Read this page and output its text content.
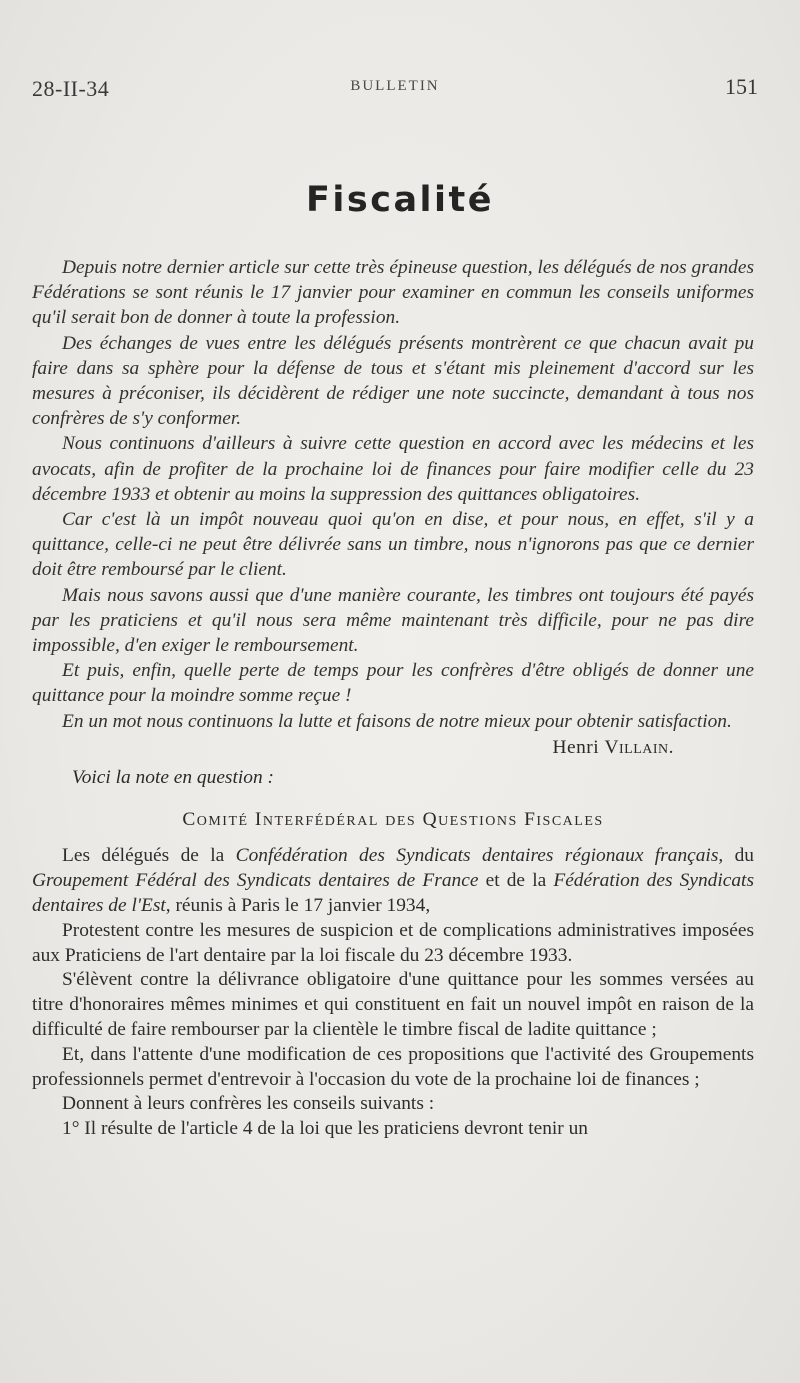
28-II-34	BULLETIN	151
Fiscalité

Depuis notre dernier article sur cette très épineuse question, les délégués de nos grandes Fédérations se sont réunis le 17 janvier pour examiner en commun les conseils uniformes qu'il serait bon de donner à toute la profession.

Des échanges de vues entre les délégués présents montrèrent ce que chacun avait pu faire dans sa sphère pour la défense de tous et s'étant mis pleinement d'accord sur les mesures à préconiser, ils décidèrent de rédiger une note succincte, demandant à tous nos confrères de s'y conformer.

Nous continuons d'ailleurs à suivre cette question en accord avec les médecins et les avocats, afin de profiter de la prochaine loi de finances pour faire modifier celle du 23 décembre 1933 et obtenir au moins la suppression des quittances obligatoires.

Car c'est là un impôt nouveau quoi qu'on en dise, et pour nous, en effet, s'il y a quittance, celle-ci ne peut être délivrée sans un timbre, nous n'ignorons pas que ce dernier doit être remboursé par le client.

Mais nous savons aussi que d'une manière courante, les timbres ont toujours été payés par les praticiens et qu'il nous sera même maintenant très difficile, pour ne pas dire impossible, d'en exiger le remboursement.

Et puis, enfin, quelle perte de temps pour les confrères d'être obligés de donner une quittance pour la moindre somme reçue !

En un mot nous continuons la lutte et faisons de notre mieux pour obtenir satisfaction.

Henri Villain.

Voici la note en question :

Comité Interfédéral des Questions Fiscales

Les délégués de la Confédération des Syndicats dentaires régionaux français, du Groupement Fédéral des Syndicats dentaires de France et de la Fédération des Syndicats dentaires de l'Est, réunis à Paris le 17 janvier 1934,

Protestent contre les mesures de suspicion et de complications administratives imposées aux Praticiens de l'art dentaire par la loi fiscale du 23 décembre 1933.

S'élèvent contre la délivrance obligatoire d'une quittance pour les sommes versées au titre d'honoraires mêmes minimes et qui constituent en fait un nouvel impôt en raison de la difficulté de faire rembourser par la clientèle le timbre fiscal de ladite quittance ;

Et, dans l'attente d'une modification de ces propositions que l'activité des Groupements professionnels permet d'entrevoir à l'occasion du vote de la prochaine loi de finances ;

Donnent à leurs confrères les conseils suivants :

1° Il résulte de l'article 4 de la loi que les praticiens devront tenir un
